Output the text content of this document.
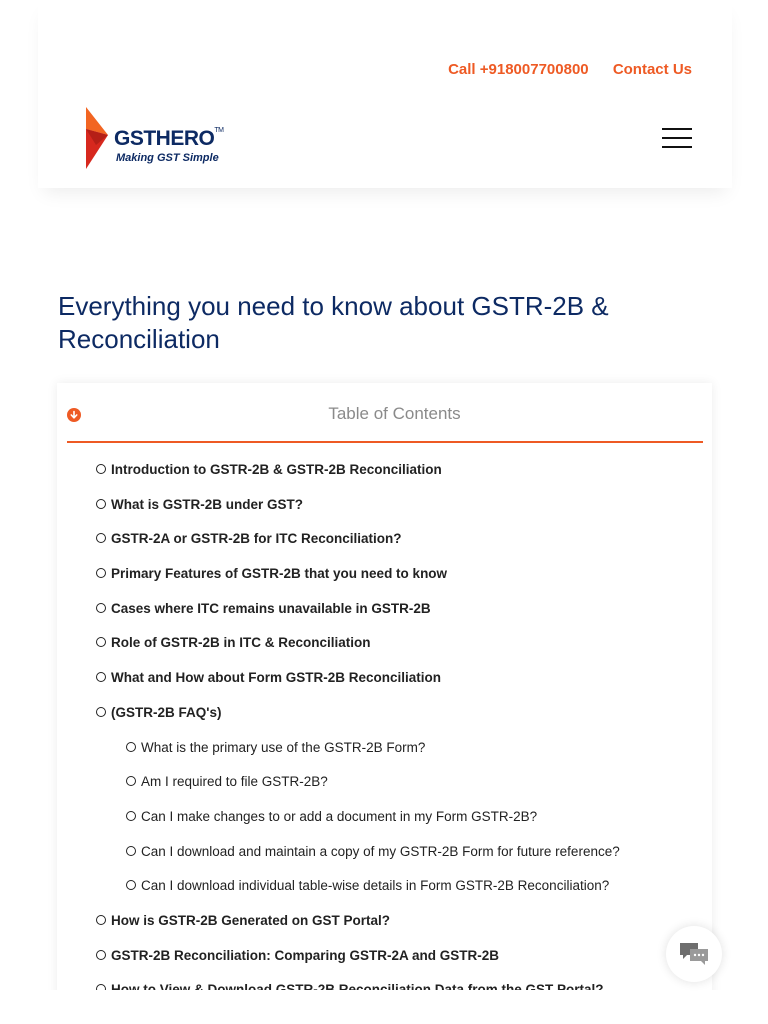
Call +918007700800 Contact Us
GSTHERO™
Making GST Simple
Everything you need to know about GSTR-2B & Reconciliation
Table of Contents
Introduction to GSTR-2B & GSTR-2B Reconciliation
What is GSTR-2B under GST?
GSTR-2A or GSTR-2B for ITC Reconciliation?
Primary Features of GSTR-2B that you need to know
Cases where ITC remains unavailable in GSTR-2B
Role of GSTR-2B in ITC & Reconciliation
What and How about Form GSTR-2B Reconciliation
(GSTR-2B FAQ's)
What is the primary use of the GSTR-2B Form?
Am I required to file GSTR-2B?
Can I make changes to or add a document in my Form GSTR-2B?
Can I download and maintain a copy of my GSTR-2B Form for future reference?
Can I download individual table-wise details in Form GSTR-2B Reconciliation?
How is GSTR-2B Generated on GST Portal?
GSTR-2B Reconciliation: Comparing GSTR-2A and GSTR-2B
